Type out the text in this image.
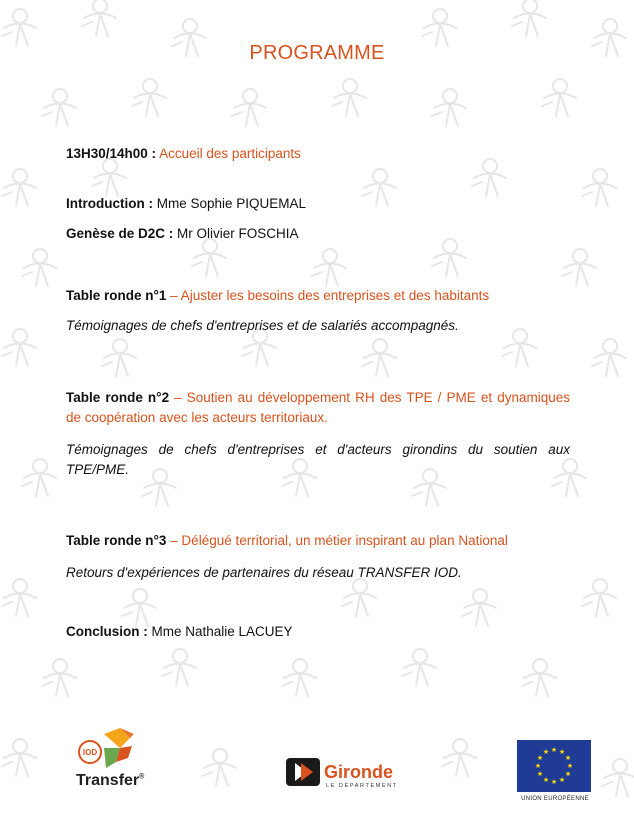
PROGRAMME
13H30/14h00 : Accueil des participants
Introduction : Mme Sophie PIQUEMAL
Genèse de D2C : Mr Olivier FOSCHIA
Table ronde n°1 – Ajuster les besoins des entreprises et des habitants
Témoignages de chefs d'entreprises et de salariés accompagnés.
Table ronde n°2 – Soutien au développement RH des TPE / PME et dynamiques de coopération avec les acteurs territoriaux.
Témoignages de chefs d'entreprises et d'acteurs girondins du soutien aux TPE/PME.
Table ronde n°3 – Délégué territorial, un métier inspirant au plan National
Retours d'expériences de partenaires du réseau TRANSFER IOD.
Conclusion : Mme Nathalie LACUEY
IOD
Transfer®	Gironde
LE DÉPARTEMENT
★ ★
★
★
★
★
★
★
★
★
★
★
UNION EUROPÉENNE
